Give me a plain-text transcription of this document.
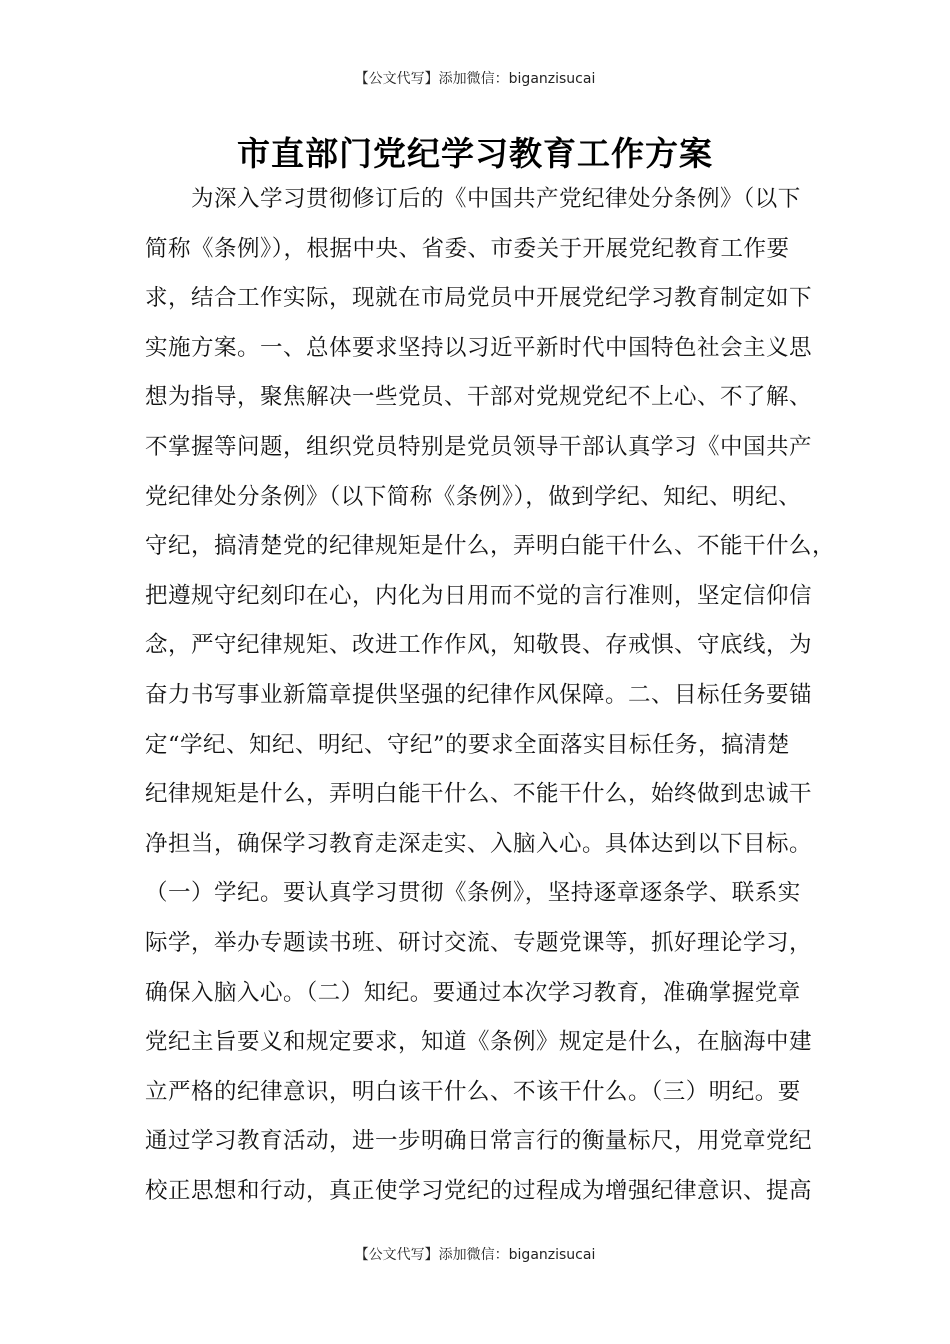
【公文代写】添加微信：biganzisucai
市直部门党纪学习教育工作方案
　　为深入学习贯彻修订后的《中国共产党纪律处分条例》（以下
简称《条例》），根据中央、省委、市委关于开展党纪教育工作要
求，结合工作实际，现就在市局党员中开展党纪学习教育制定如下
实施方案。一、总体要求坚持以习近平新时代中国特色社会主义思
想为指导，聚焦解决一些党员、干部对党规党纪不上心、不了解、
不掌握等问题，组织党员特别是党员领导干部认真学习《中国共产
党纪律处分条例》（以下简称《条例》），做到学纪、知纪、明纪、
守纪，搞清楚党的纪律规矩是什么，弄明白能干什么、不能干什么，
把遵规守纪刻印在心，内化为日用而不觉的言行准则，坚定信仰信
念，严守纪律规矩、改进工作作风，知敬畏、存戒惧、守底线，为
奋力书写事业新篇章提供坚强的纪律作风保障。二、目标任务要锚
定“学纪、知纪、明纪、守纪”的要求全面落实目标任务，搞清楚
纪律规矩是什么，弄明白能干什么、不能干什么，始终做到忠诚干
净担当，确保学习教育走深走实、入脑入心。具体达到以下目标。
（一）学纪。要认真学习贯彻《条例》，坚持逐章逐条学、联系实
际学，举办专题读书班、研讨交流、专题党课等，抓好理论学习，
确保入脑入心。（二）知纪。要通过本次学习教育，准确掌握党章
党纪主旨要义和规定要求，知道《条例》规定是什么，在脑海中建
立严格的纪律意识，明白该干什么、不该干什么。（三）明纪。要
通过学习教育活动，进一步明确日常言行的衡量标尺，用党章党纪
校正思想和行动，真正使学习党纪的过程成为增强纪律意识、提高
【公文代写】添加微信：biganzisucai
